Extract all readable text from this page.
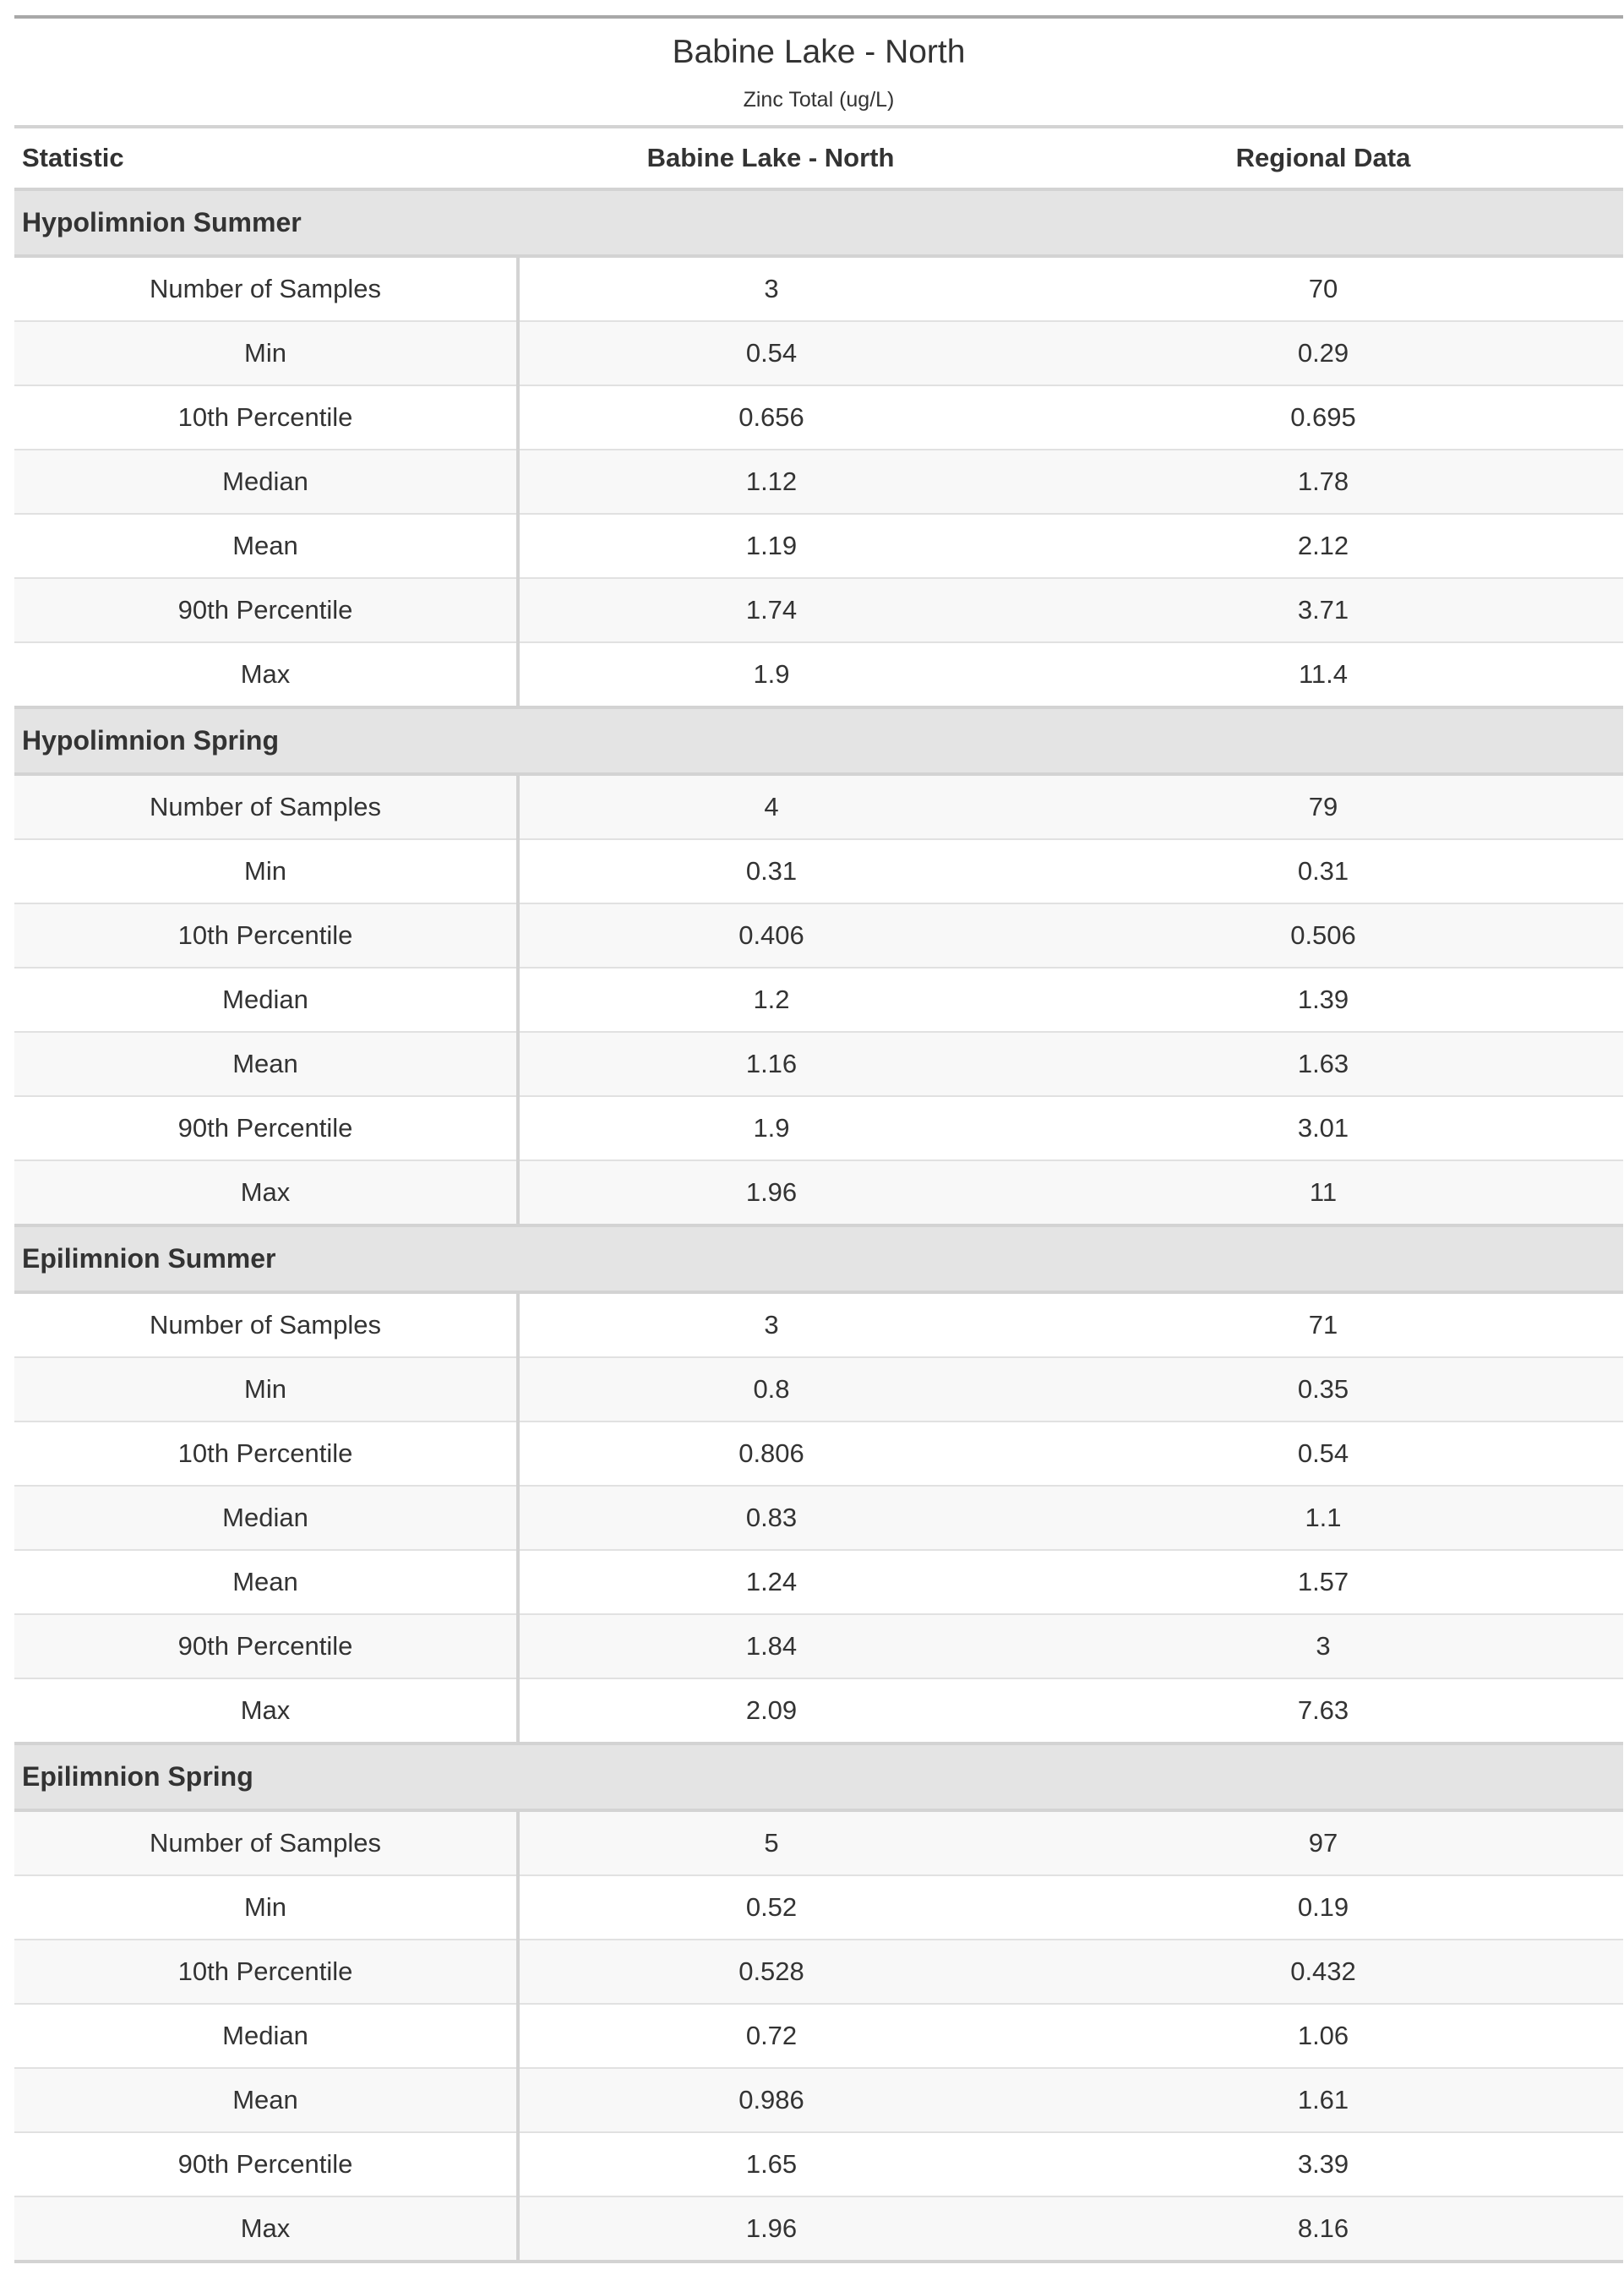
Babine Lake - North
Zinc Total (ug/L)		

Statistic	Babine Lake - North	Regional Data
Hypolimnion Summer		
Number of Samples	3	70
Min	0.54	0.29
10th Percentile	0.656	0.695
Median	1.12	1.78
Mean	1.19	2.12
90th Percentile	1.74	3.71
Max	1.9	11.4
Hypolimnion Spring		
Number of Samples	4	79
Min	0.31	0.31
10th Percentile	0.406	0.506
Median	1.2	1.39
Mean	1.16	1.63
90th Percentile	1.9	3.01
Max	1.96	11
Epilimnion Summer		
Number of Samples	3	71
Min	0.8	0.35
10th Percentile	0.806	0.54
Median	0.83	1.1
Mean	1.24	1.57
90th Percentile	1.84	3
Max	2.09	7.63
Epilimnion Spring		
Number of Samples	5	97
Min	0.52	0.19
10th Percentile	0.528	0.432
Median	0.72	1.06
Mean	0.986	1.61
90th Percentile	1.65	3.39
Max	1.96	8.16
